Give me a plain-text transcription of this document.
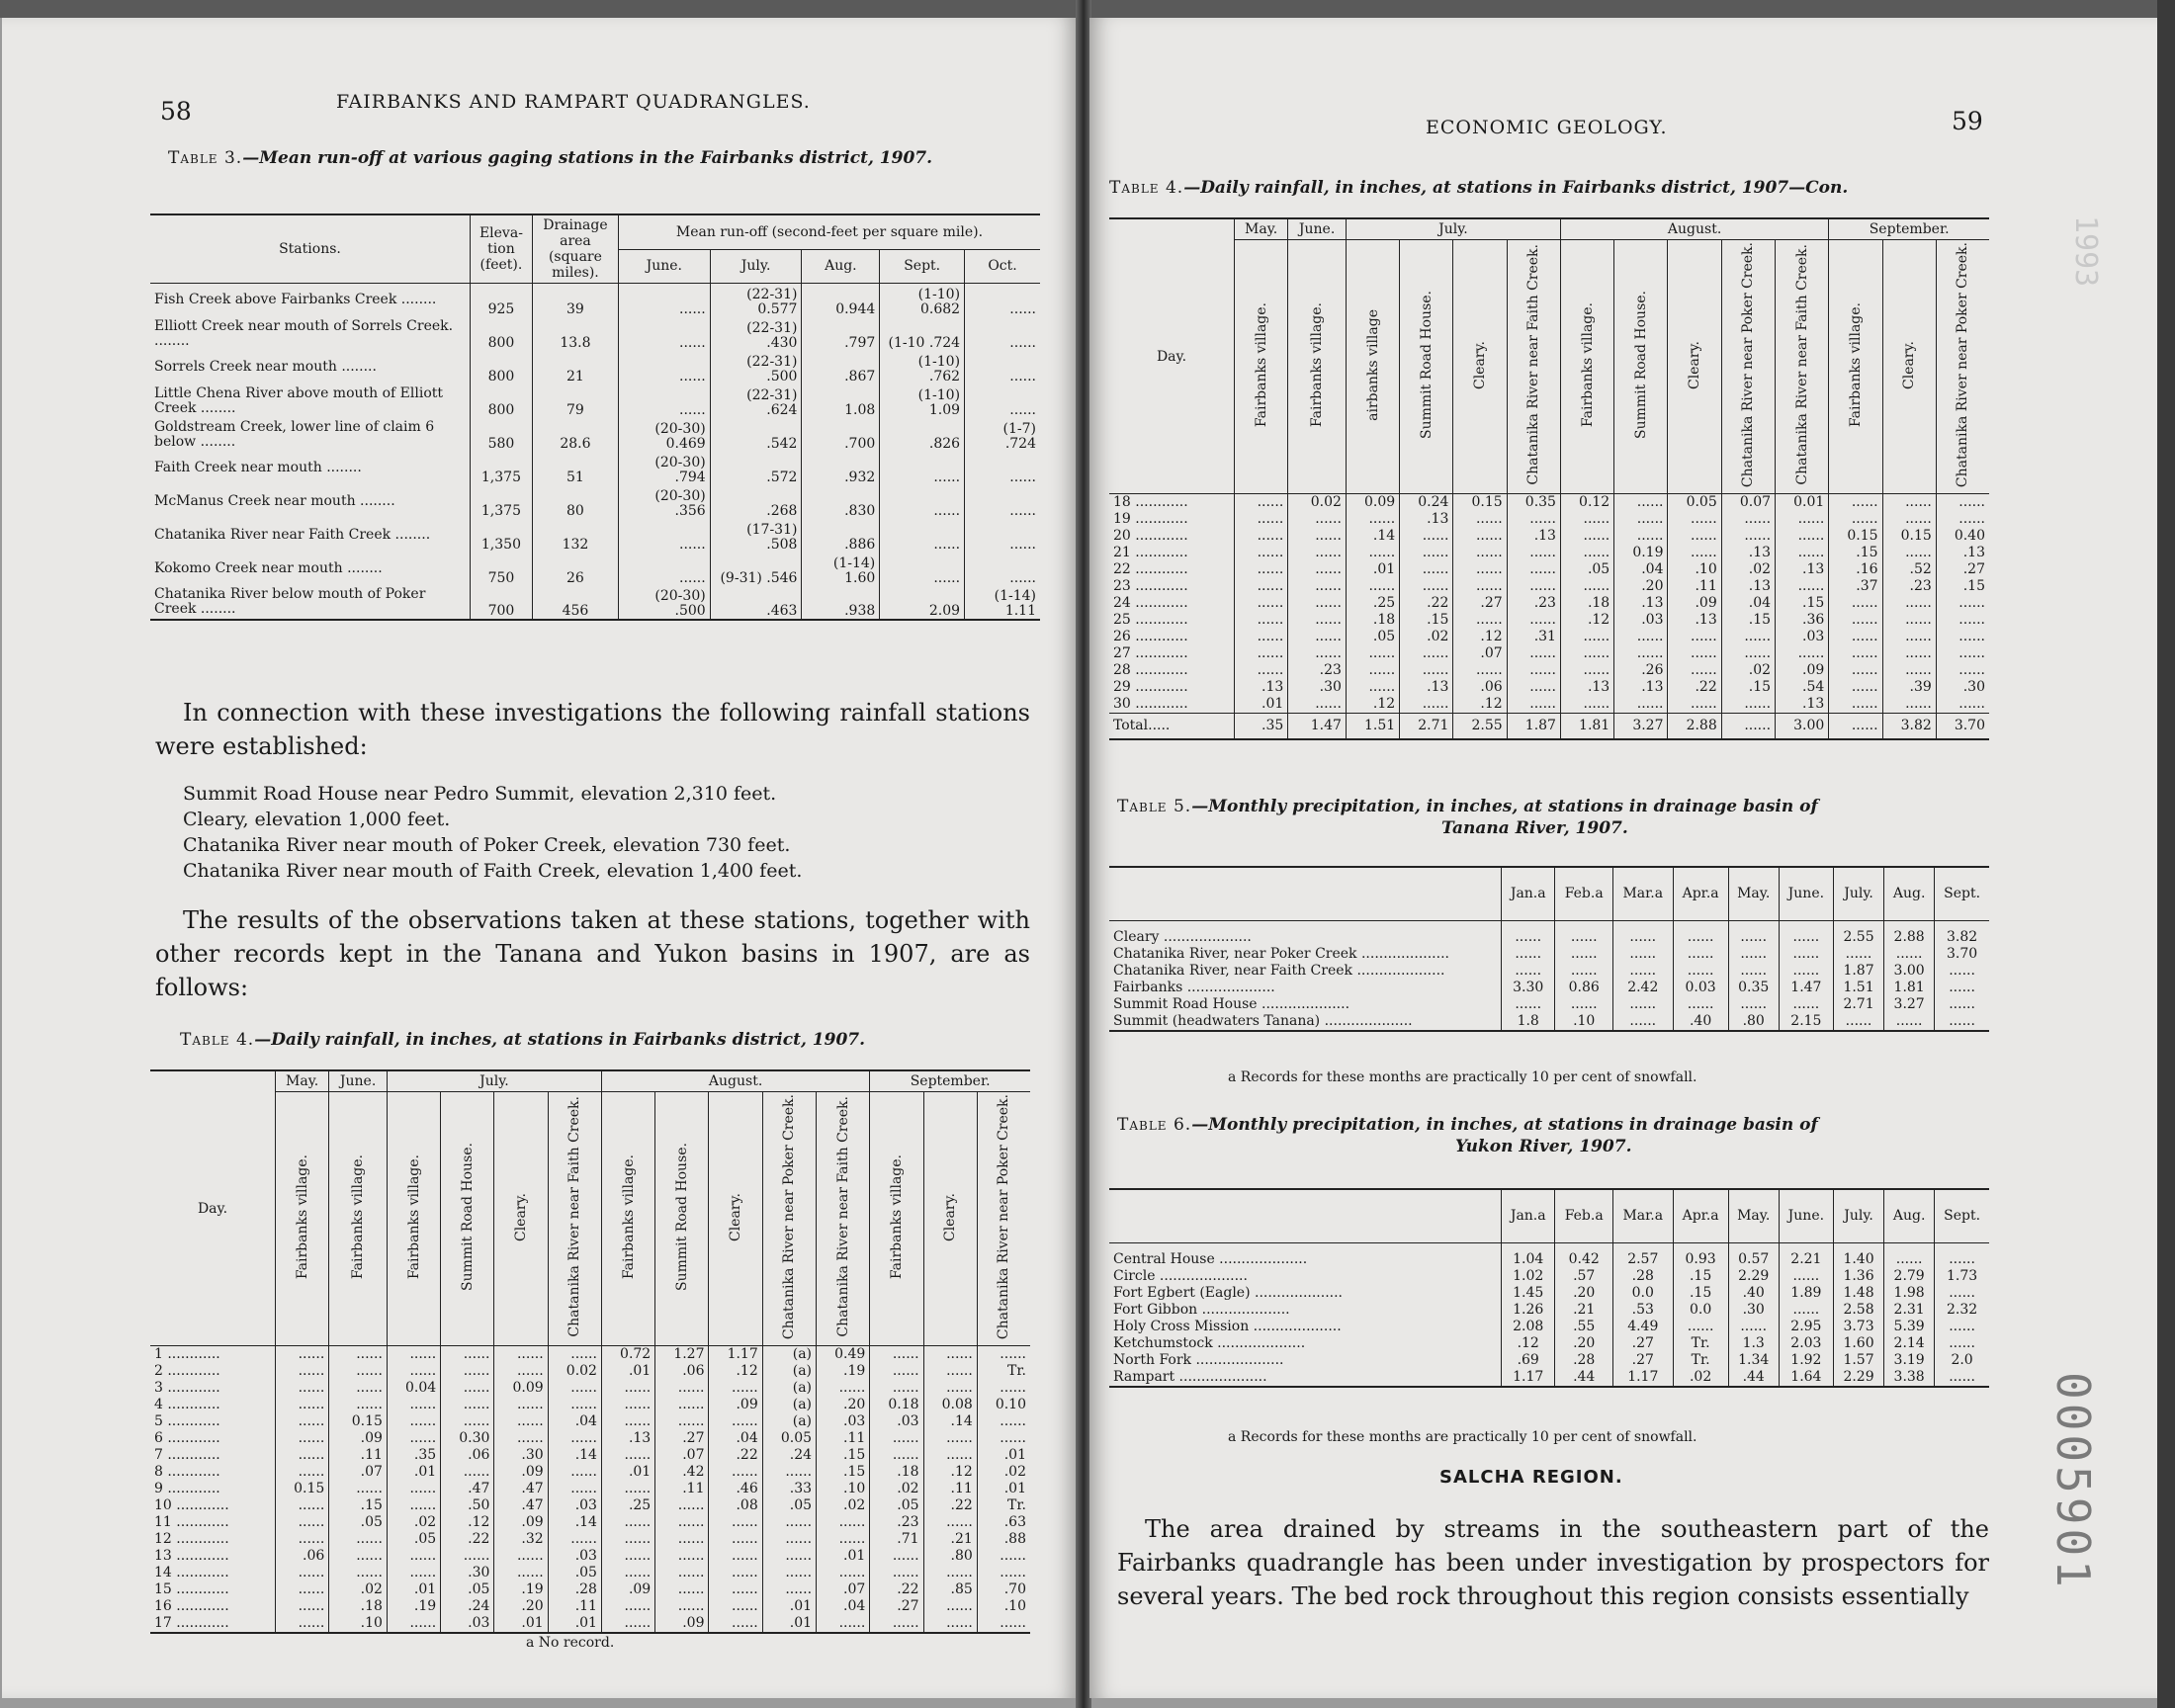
58	FAIRBANKS AND RAMPART QUADRANGLES.
Table 3.—Mean run-off at various gaging stations in the Fairbanks district, 1907.
Stations.	Eleva- tion (feet).	Drainage area (square miles).	Mean run-off (second-feet per square mile).				
			June.	July.	Aug.	Sept.	Oct.
Fish Creek above Fairbanks Creek ........	925	39	......	(22-31) 0.577	0.944	(1-10) 0.682	......
Elliott Creek near mouth of Sorrels Creek. ........	800	13.8	......	(22-31) .430	.797	(1-10 .724	......
Sorrels Creek near mouth ........	800	21	......	(22-31) .500	.867	(1-10) .762	......
Little Chena River above mouth of Elliott Creek ........	800	79	......	(22-31) .624	1.08	(1-10) 1.09	......
Goldstream Creek, lower line of claim 6 below ........	580	28.6	(20-30) 0.469	.542	.700	.826	(1-7) .724
Faith Creek near mouth ........	1,375	51	(20-30) .794	.572	.932	......	......
McManus Creek near mouth ........	1,375	80	(20-30) .356	.268	.830	......	......
Chatanika River near Faith Creek ........	1,350	132	......	(17-31) .508	.886	......	......
Kokomo Creek near mouth ........	750	26	......	(9-31) .546	(1-14) 1.60	......	......
Chatanika River below mouth of Poker Creek ........	700	456	(20-30) .500	.463	.938	2.09	(1-14) 1.11
In connection with these investigations the following rainfall stations were established:
Summit Road House near Pedro Summit, elevation 2,310 feet.
Cleary, elevation 1,000 feet.
Chatanika River near mouth of Poker Creek, elevation 730 feet.
Chatanika River near mouth of Faith Creek, elevation 1,400 feet.
The results of the observations taken at these stations, together with other records kept in the Tanana and Yukon basins in 1907, are as follows:
Table 4.—Daily rainfall, in inches, at stations in Fairbanks district, 1907.
Day.	May.	June.	July.				August.					September.		
	Fairbanks village.	Fairbanks village.	Fairbanks village.	Summit Road House.	Cleary.	Chatanika River near Faith Creek.	Fairbanks village.	Summit Road House.	Cleary.	Chatanika River near Poker Creek.	Chatanika River near Faith Creek.	Fairbanks village.	Cleary.	Chatanika River near Poker Creek.
1 ............	......	......	......	......	......	......	0.72	1.27	1.17	(a)	0.49	......	......	......
2 ............	......	......	......	......	......	0.02	.01	.06	.12	(a)	.19	......	......	Tr.
3 ............	......	......	0.04	......	0.09	......	......	......	......	(a)	......	......	......	......
4 ............	......	......	......	......	......	......	......	......	.09	(a)	.20	0.18	0.08	0.10
5 ............	......	0.15	......	......	......	.04	......	......	......	(a)	.03	.03	.14	......
6 ............	......	.09	......	0.30	......	......	.13	.27	.04	0.05	.11	......	......	......
7 ............	......	.11	.35	.06	.30	.14	......	.07	.22	.24	.15	......	......	.01
8 ............	......	.07	.01	......	.09	......	.01	.42	......	......	.15	.18	.12	.02
9 ............	0.15	......	......	.47	.47	......	......	.11	.46	.33	.10	.02	.11	.01
10 ............	......	.15	......	.50	.47	.03	.25	......	.08	.05	.02	.05	.22	Tr.
11 ............	......	.05	.02	.12	.09	.14	......	......	......	......	......	.23	......	.63
12 ............	......	......	.05	.22	.32	......	......	......	......	......	......	.71	.21	.88
13 ............	.06	......	......	......	......	.03	......	......	......	......	.01	......	.80	......
14 ............	......	......	......	.30	......	.05	......	......	......	......	......	......	......	......
15 ............	......	.02	.01	.05	.19	.28	.09	......	......	......	.07	.22	.85	.70
16 ............	......	.18	.19	.24	.20	.11	......	......	......	.01	.04	.27	......	.10
17 ............	......	.10	......	.03	.01	.01	......	.09	......	.01	......	......	......	......
a No record.
ECONOMIC GEOLOGY.	59
Table 4.—Daily rainfall, in inches, at stations in Fairbanks district, 1907—Con.
Day.	May.	June.	July.				August.					September.		
	Fairbanks village.	Fairbanks village.	airbanks village	Summit Road House.	Cleary.	Chatanika River near Faith Creek.	Fairbanks village.	Summit Road House.	Cleary.	Chatanika River near Poker Creek.	Chatanika River near Faith Creek.	Fairbanks village.	Cleary.	Chatanika River near Poker Creek.
18 ............	......	0.02	0.09	0.24	0.15	0.35	0.12	......	0.05	0.07	0.01	......	......	......
19 ............	......	......	......	.13	......	......	......	......	......	......	......	......	......	......
20 ............	......	......	.14	......	......	.13	......	......	......	......	......	0.15	0.15	0.40
21 ............	......	......	......	......	......	......	......	0.19	......	.13	......	.15	......	.13
22 ............	......	......	.01	......	......	......	.05	.04	.10	.02	.13	.16	.52	.27
23 ............	......	......	......	......	......	......	......	.20	.11	.13	......	.37	.23	.15
24 ............	......	......	.25	.22	.27	.23	.18	.13	.09	.04	.15	......	......	......
25 ............	......	......	.18	.15	......	......	.12	.03	.13	.15	.36	......	......	......
26 ............	......	......	.05	.02	.12	.31	......	......	......	......	.03	......	......	......
27 ............	......	......	......	......	.07	......	......	......	......	......	......	......	......	......
28 ............	......	.23	......	......	......	......	......	.26	......	.02	.09	......	......	......
29 ............	.13	.30	......	.13	.06	......	.13	.13	.22	.15	.54	......	.39	.30
30 ............	.01	......	.12	......	.12	......	......	......	......	......	.13	......	......	......
Total.....	.35	1.47	1.51	2.71	2.55	1.87	1.81	3.27	2.88	......	3.00	......	3.82	3.70
Table 5.—Monthly precipitation, in inches, at stations in drainage basin of
Tanana River, 1907.
	Jan.a	Feb.a	Mar.a	Apr.a	May.	June.	July.	Aug.	Sept.
Cleary ....................	......	......	......	......	......	......	2.55	2.88	3.82
Chatanika River, near Poker Creek ....................	......	......	......	......	......	......	......	......	3.70
Chatanika River, near Faith Creek ....................	......	......	......	......	......	......	1.87	3.00	......
Fairbanks ....................	3.30	0.86	2.42	0.03	0.35	1.47	1.51	1.81	......
Summit Road House ....................	......	......	......	......	......	......	2.71	3.27	......
Summit (headwaters Tanana) ....................	1.8	.10	......	.40	.80	2.15	......	......	......
a Records for these months are practically 10 per cent of snowfall.
Table 6.—Monthly precipitation, in inches, at stations in drainage basin of
Yukon River, 1907.
	Jan.a	Feb.a	Mar.a	Apr.a	May.	June.	July.	Aug.	Sept.
Central House ....................	1.04	0.42	2.57	0.93	0.57	2.21	1.40	......	......
Circle ....................	1.02	.57	.28	.15	2.29	......	1.36	2.79	1.73
Fort Egbert (Eagle) ....................	1.45	.20	0.0	.15	.40	1.89	1.48	1.98	......
Fort Gibbon ....................	1.26	.21	.53	0.0	.30	......	2.58	2.31	2.32
Holy Cross Mission ....................	2.08	.55	4.49	......	......	2.95	3.73	5.39	......
Ketchumstock ....................	.12	.20	.27	Tr.	1.3	2.03	1.60	2.14	......
North Fork ....................	.69	.28	.27	Tr.	1.34	1.92	1.57	3.19	2.0
Rampart ....................	1.17	.44	1.17	.02	.44	1.64	2.29	3.38	......
a Records for these months are practically 10 per cent of snowfall.
SALCHA REGION.
The area drained by streams in the southeastern part of the Fairbanks quadrangle has been under investigation by prospectors for several years. The bed rock throughout this region consists essentially
0005901
1993
